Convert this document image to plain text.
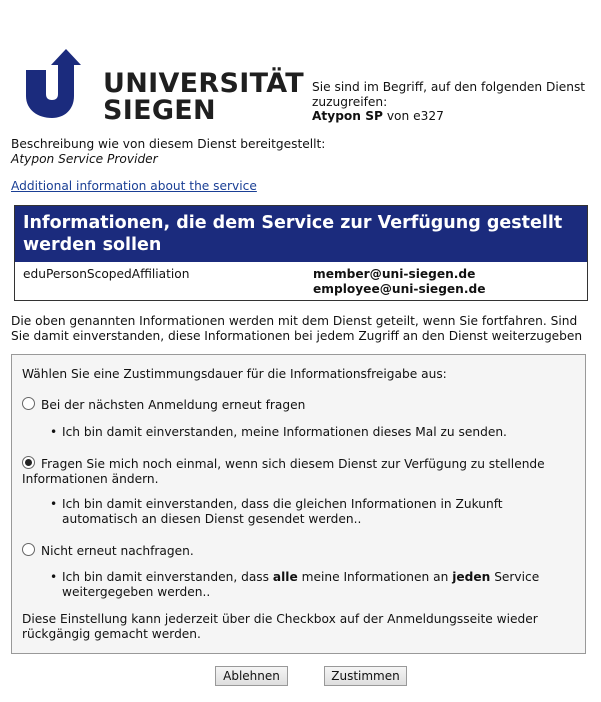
UNIVERSITÄT
SIEGEN
Sie sind im Begriff, auf den folgenden Dienst zuzugreifen:
Atypon SP von e327
Beschreibung wie von diesem Dienst bereitgestellt:
Atypon Service Provider
Additional information about the service
Informationen, die dem Service zur Verfügung gestellt werden sollen
eduPersonScopedAffiliation	member@uni-siegen.de
employee@uni-siegen.de
Die oben genannten Informationen werden mit dem Dienst geteilt, wenn Sie fortfahren. Sind
Sie damit einverstanden, diese Informationen bei jedem Zugriff an den Dienst weiterzugeben
Wählen Sie eine Zustimmungsdauer für die Informationsfreigabe aus:
Bei der nächsten Anmeldung erneut fragen
• Ich bin damit einverstanden, meine Informationen dieses Mal zu senden.
Fragen Sie mich noch einmal, wenn sich diesem Dienst zur Verfügung zu stellende Informationen ändern.
• Ich bin damit einverstanden, dass die gleichen Informationen in Zukunft automatisch an diesen Dienst gesendet werden..
Nicht erneut nachfragen.
• Ich bin damit einverstanden, dass alle meine Informationen an jeden Service weitergegeben werden..
Diese Einstellung kann jederzeit über die Checkbox auf der Anmeldungsseite wieder rückgängig gemacht werden.
Ablehnen	Zustimmen
